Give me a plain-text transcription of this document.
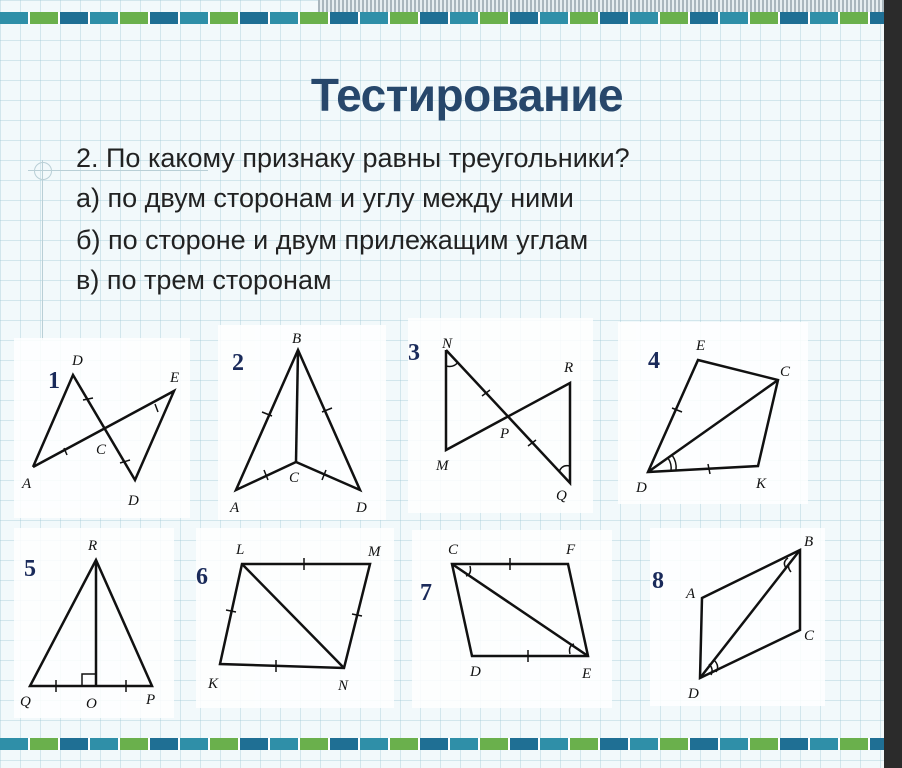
Тестирование
2. По какому признаку равны треугольники?
а) по двум сторонам и углу между ними
б) по стороне и двум прилежащим углам
в) по трем сторонам
1
D
E
C
A
D
2
B
C
A	D
3 N
R
P
M
Q
4
E
C
D	K
5
R
Q	O	P
6
L	M
K	N
7
C	F
D	E
8
B
A
C
D
